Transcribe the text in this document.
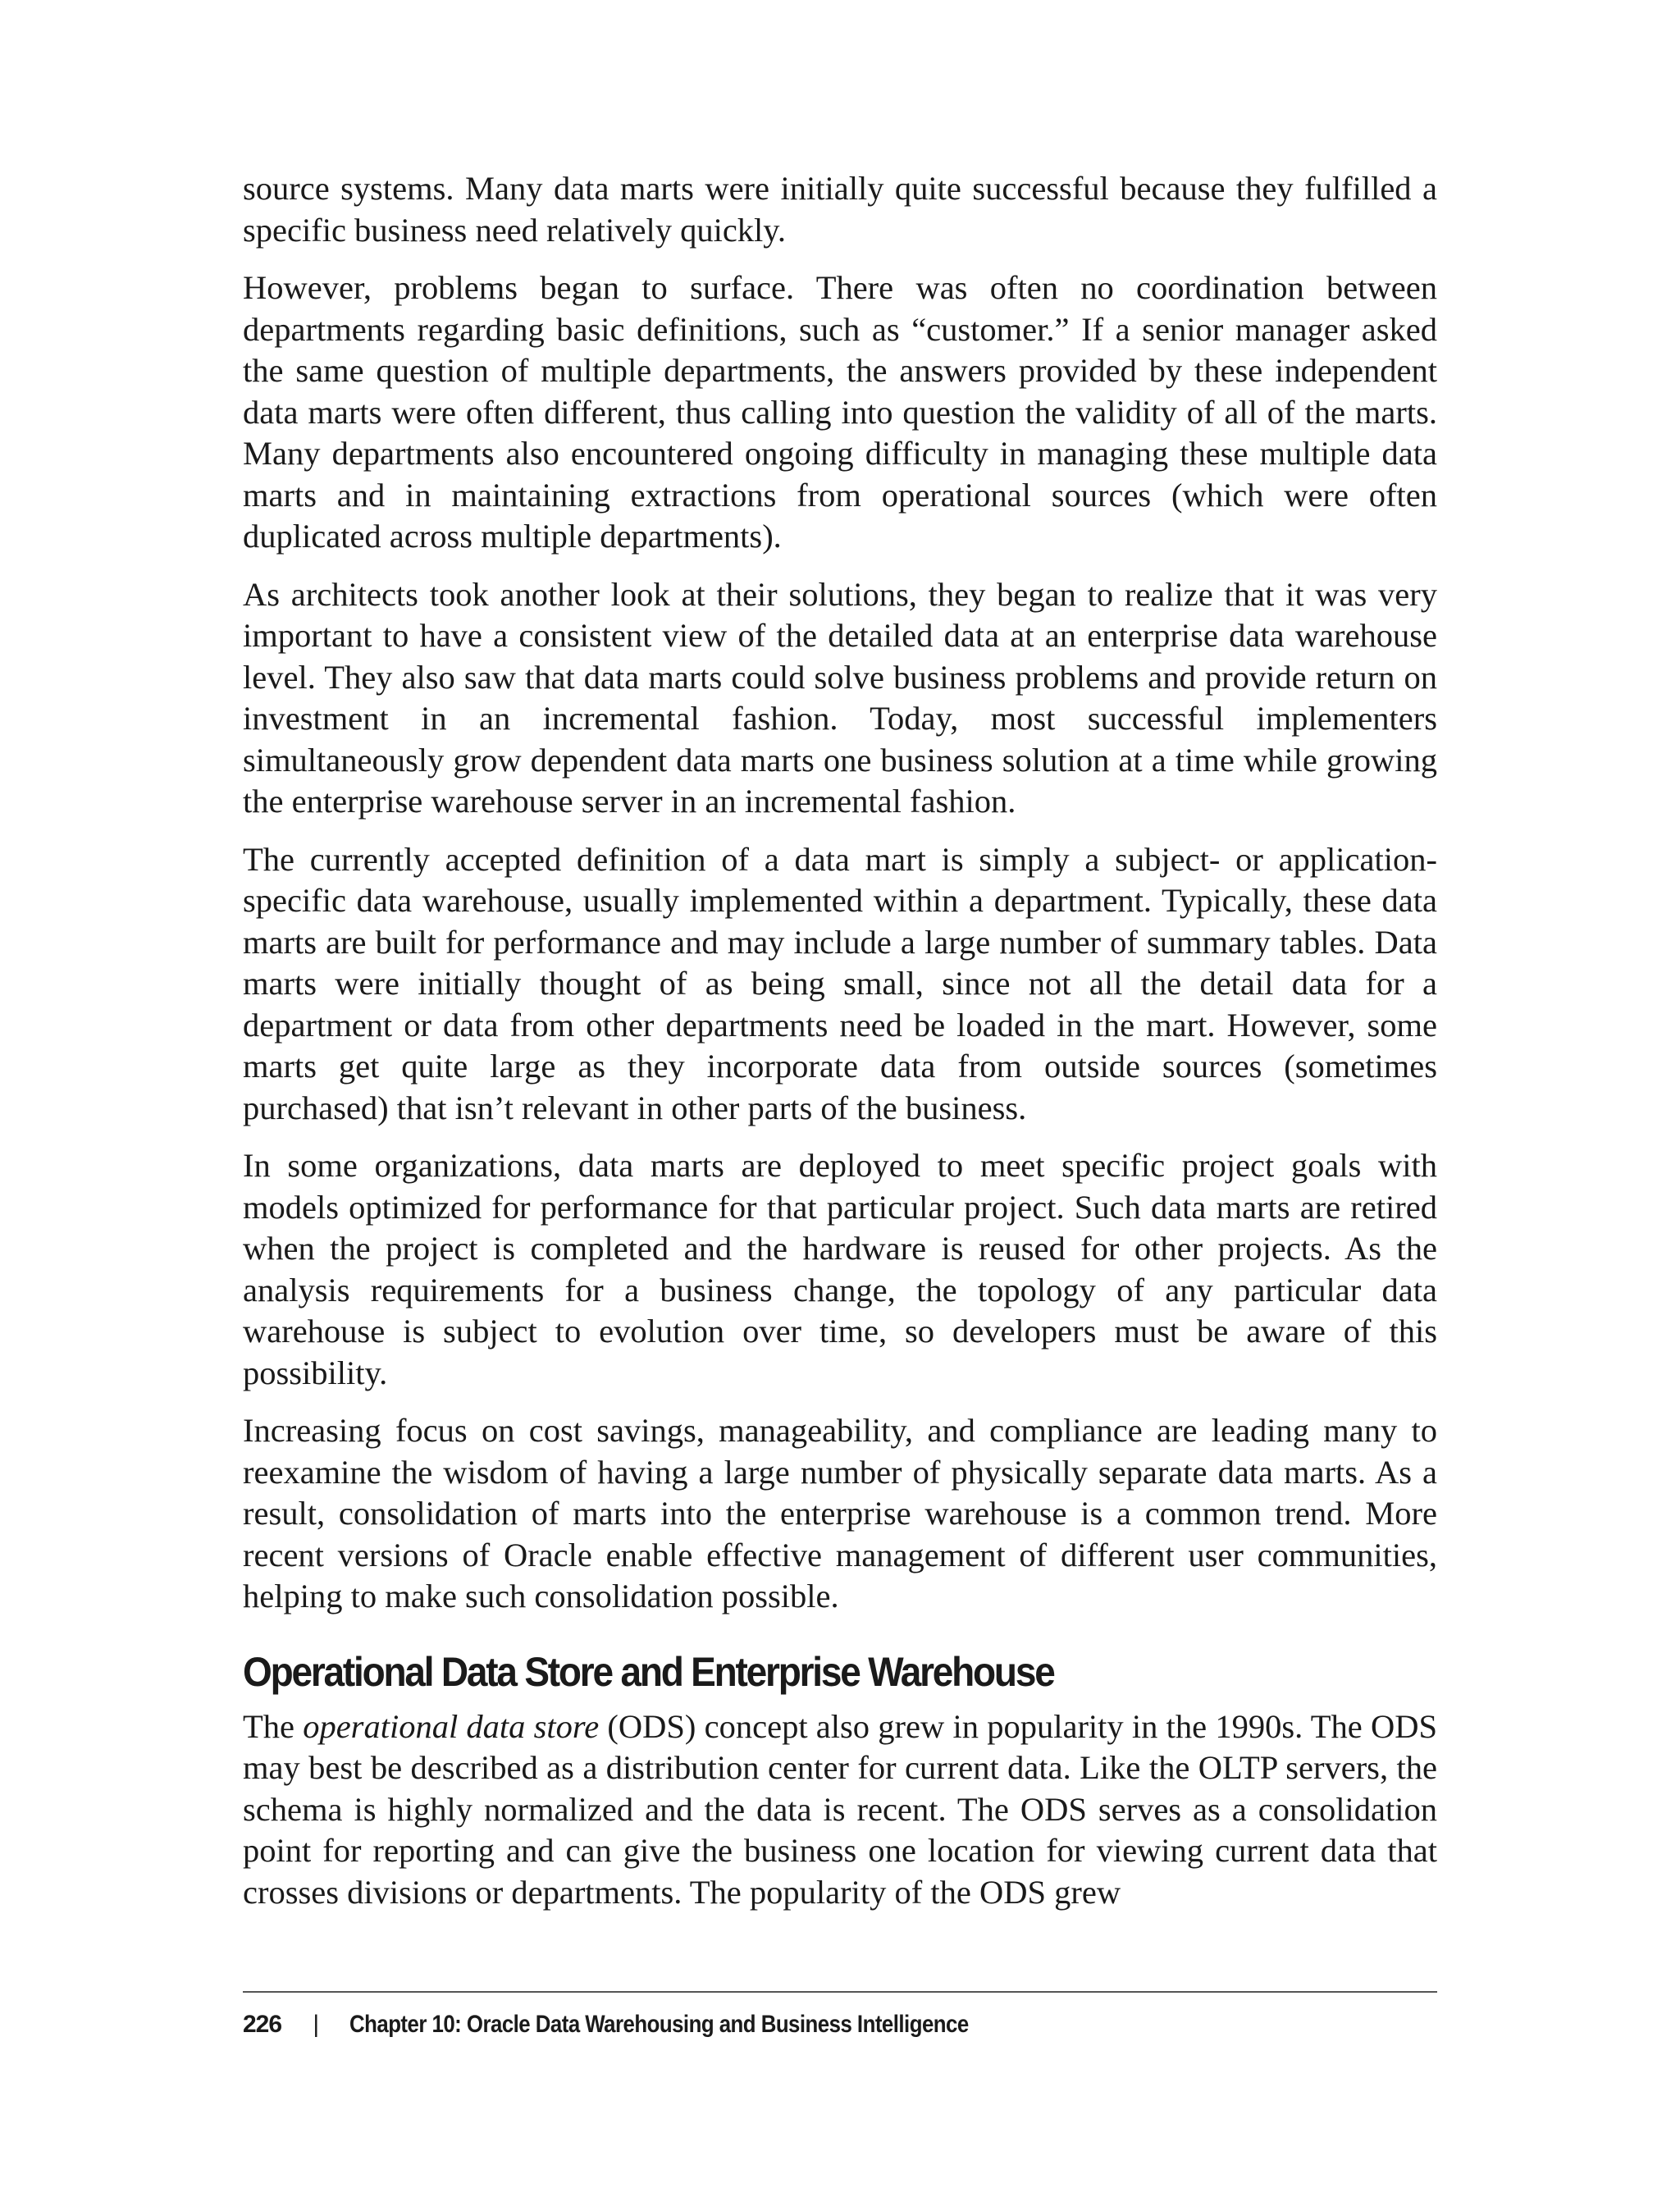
source systems. Many data marts were initially quite successful because they fulfilled a specific business need relatively quickly.

However, problems began to surface. There was often no coordination between departments regarding basic definitions, such as “customer.” If a senior manager asked the same question of multiple departments, the answers provided by these independent data marts were often different, thus calling into question the validity of all of the marts. Many departments also encountered ongoing difficulty in managing these multiple data marts and in maintaining extractions from operational sources (which were often duplicated across multiple departments).

As architects took another look at their solutions, they began to realize that it was very important to have a consistent view of the detailed data at an enterprise data warehouse level. They also saw that data marts could solve business problems and provide return on investment in an incremental fashion. Today, most successful implementers simultaneously grow dependent data marts one business solution at a time while growing the enterprise warehouse server in an incremental fashion.

The currently accepted definition of a data mart is simply a subject- or application-specific data warehouse, usually implemented within a department. Typically, these data marts are built for performance and may include a large number of summary tables. Data marts were initially thought of as being small, since not all the detail data for a department or data from other departments need be loaded in the mart. However, some marts get quite large as they incorporate data from outside sources (sometimes purchased) that isn’t relevant in other parts of the business.

In some organizations, data marts are deployed to meet specific project goals with models optimized for performance for that particular project. Such data marts are retired when the project is completed and the hardware is reused for other projects. As the analysis requirements for a business change, the topology of any particular data warehouse is subject to evolution over time, so developers must be aware of this possibility.

Increasing focus on cost savings, manageability, and compliance are leading many to reexamine the wisdom of having a large number of physically separate data marts. As a result, consolidation of marts into the enterprise warehouse is a common trend. More recent versions of Oracle enable effective management of different user communities, helping to make such consolidation possible.

Operational Data Store and Enterprise Warehouse

The operational data store (ODS) concept also grew in popularity in the 1990s. The ODS may best be described as a distribution center for current data. Like the OLTP servers, the schema is highly normalized and the data is recent. The ODS serves as a consolidation point for reporting and can give the business one location for viewing current data that crosses divisions or departments. The popularity of the ODS grew

226 | Chapter 10: Oracle Data Warehousing and Business Intelligence
